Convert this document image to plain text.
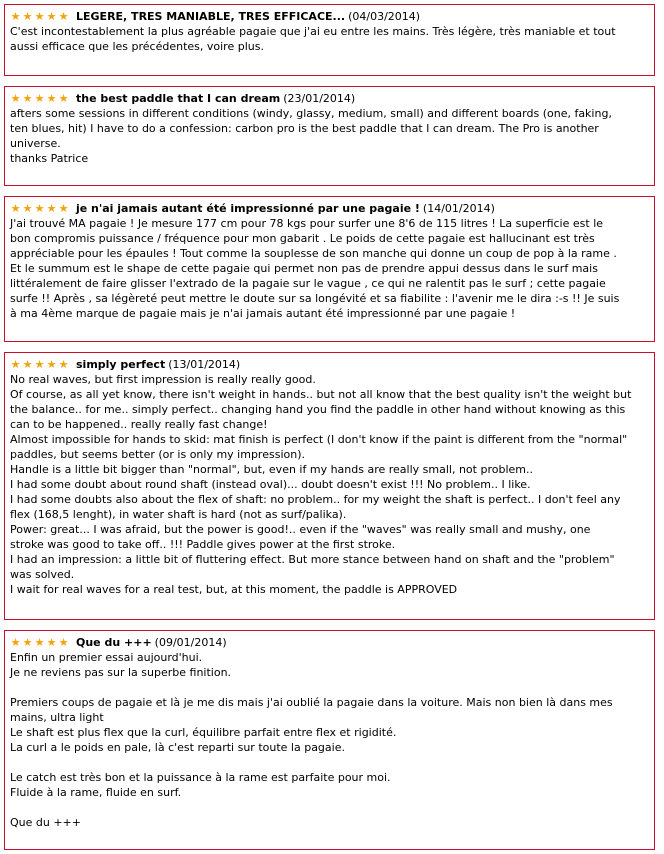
★ ★ ★ ★ ★ LEGERE, TRES MANIABLE, TRES EFFICACE... (04/03/2014)
C'est incontestablement la plus agréable pagaie que j'ai eu entre les mains. Très légère, très maniable et tout
aussi efficace que les précédentes, voire plus.
★ ★ ★ ★ ★ the best paddle that I can dream (23/01/2014)
afters some sessions in different conditions (windy, glassy, medium, small) and different boards (one, faking,
ten blues, hit) I have to do a confession: carbon pro is the best paddle that I can dream. The Pro is another
universe.
thanks Patrice
★ ★ ★ ★ ★ je n'ai jamais autant été impressionné par une pagaie ! (14/01/2014)
J'ai trouvé MA pagaie ! Je mesure 177 cm pour 78 kgs pour surfer une 8'6 de 115 litres ! La superficie est le
bon compromis puissance / fréquence pour mon gabarit . Le poids de cette pagaie est hallucinant est très
appréciable pour les épaules ! Tout comme la souplesse de son manche qui donne un coup de pop à la rame .
Et le summum est le shape de cette pagaie qui permet non pas de prendre appui dessus dans le surf mais
littéralement de faire glisser l'extrado de la pagaie sur le vague , ce qui ne ralentit pas le surf ; cette pagaie
surfe !! Après , sa légèreté peut mettre le doute sur sa longévité et sa fiabilite : l'avenir me le dira :-s !! Je suis
à ma 4ème marque de pagaie mais je n'ai jamais autant été impressionné par une pagaie !
★ ★ ★ ★ ★ simply perfect (13/01/2014)
No real waves, but first impression is really really good.
Of course, as all yet know, there isn't weight in hands.. but not all know that the best quality isn't the weight but
the balance.. for me.. simply perfect.. changing hand you find the paddle in other hand without knowing as this
can to be happened.. really really fast change!
Almost impossible for hands to skid: mat finish is perfect (I don't know if the paint is different from the "normal"
paddles, but seems better (or is only my impression).
Handle is a little bit bigger than "normal", but, even if my hands are really small, not problem..
I had some doubt about round shaft (instead oval)... doubt doesn't exist !!! No problem.. I like.
I had some doubts also about the flex of shaft: no problem.. for my weight the shaft is perfect.. I don't feel any
flex (168,5 lenght), in water shaft is hard (not as surf/palika).
Power: great... I was afraid, but the power is good!.. even if the "waves" was really small and mushy, one
stroke was good to take off.. !!! Paddle gives power at the first stroke.
I had an impression: a little bit of fluttering effect. But more stance between hand on shaft and the "problem"
was solved.
I wait for real waves for a real test, but, at this moment, the paddle is APPROVED
★ ★ ★ ★ ★ Que du +++ (09/01/2014)
Enfin un premier essai aujourd'hui.
Je ne reviens pas sur la superbe finition.
Premiers coups de pagaie et là je me dis mais j'ai oublié la pagaie dans la voiture. Mais non bien là dans mes
mains, ultra light
Le shaft est plus flex que la curl, équilibre parfait entre flex et rigidité.
La curl a le poids en pale, là c'est reparti sur toute la pagaie.
Le catch est très bon et la puissance à la rame est parfaite pour moi.
Fluide à la rame, fluide en surf.
Que du +++
